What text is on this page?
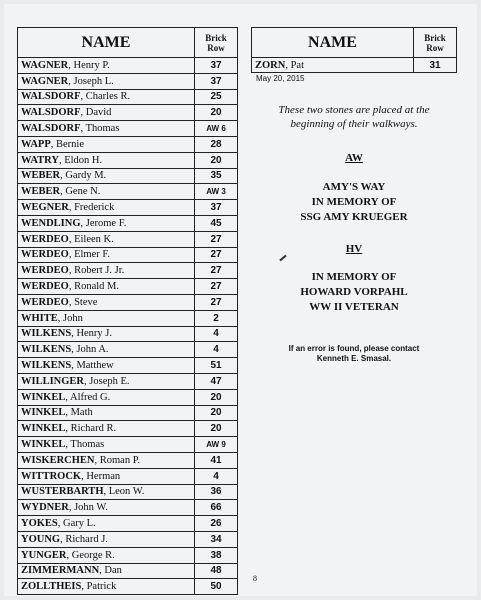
NAME	Brick
Row
WAGNER, Henry P.	37
WAGNER, Joseph L.	37
WALSDORF, Charles R.	25
WALSDORF, David	20
WALSDORF, Thomas	AW 6
WAPP, Bernie	28
WATRY, Eldon H.	20
WEBER, Gardy M.	35
WEBER, Gene N.	AW 3
WEGNER, Frederick	37
WENDLING, Jerome F.	45
WERDEO, Eileen K.	27
WERDEO, Elmer F.	27
WERDEO, Robert J. Jr.	27
WERDEO, Ronald M.	27
WERDEO, Steve	27
WHITE, John	2
WILKENS, Henry J.	4
WILKENS, John A.	4
WILKENS, Matthew	51
WILLINGER, Joseph E.	47
WINKEL, Alfred G.	20
WINKEL, Math	20
WINKEL, Richard R.	20
WINKEL, Thomas	AW 9
WISKERCHEN, Roman P.	41
WITTROCK, Herman	4
WUSTERBARTH, Leon W.	36
WYDNER, John W.	66
YOKES, Gary L.	26
YOUNG, Richard J.	34
YUNGER, George R.	38
ZIMMERMANN, Dan	48
ZOLLTHEIS, Patrick	50
NAME	Brick
Row
ZORN, Pat	31
May 20, 2015
These two stones are placed at the
beginning of their walkways.
AW
AMY'S WAY
IN MEMORY OF
SSG AMY KRUEGER
HV
IN MEMORY OF
HOWARD VORPAHL
WW II VETERAN
If an error is found, please contact
Kenneth E. Smasal.
8
